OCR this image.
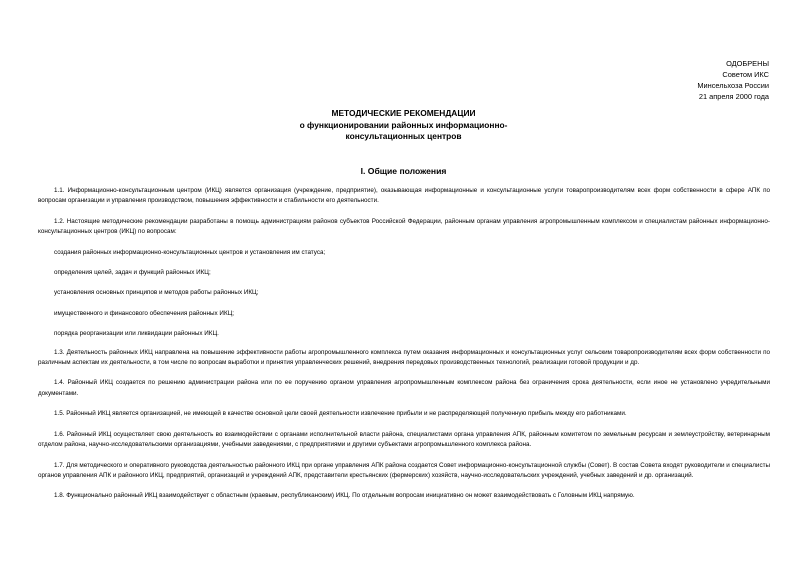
ОДОБРЕНЫ
Советом ИКС
Минсельхоза России
21 апреля 2000 года
МЕТОДИЧЕСКИЕ РЕКОМЕНДАЦИИ
о функционировании районных информационно-
консультационных центров
I. Общие положения

1.1. Информационно-консультационным центром (ИКЦ) является организация (учреждение, предприятие), оказывающая информационные и консультационные услуги товаропроизводителям всех форм собственности в сфере АПК по вопросам организации и управления производством, повышения эффективности и стабильности его деятельности.

1.2. Настоящие методические рекомендации разработаны в помощь администрациям районов субъектов Российской Федерации, районным органам управления агропромышленным комплексом и специалистам районных информационно-консультационных центров (ИКЦ) по вопросам:

создания районных информационно-консультационных центров и установления им статуса;

определения целей, задач и функций районных ИКЦ;

установления основных принципов и методов работы районных ИКЦ;

имущественного и финансового обеспечения районных ИКЦ;

порядка реорганизации или ликвидации районных ИКЦ.

1.3. Деятельность районных ИКЦ направлена на повышение эффективности работы агропромышленного комплекса путем оказания информационных и консультационных услуг сельским товаропроизводителям всех форм собственности по различным аспектам их деятельности, в том числе по вопросам выработки и принятия управленческих решений, внедрения передовых производственных технологий, реализации готовой продукции и др.

1.4. Районный ИКЦ создается по решению администрации района или по ее поручению органом управления агропромышленным комплексом района без ограничения срока деятельности, если иное не установлено учредительными документами.

1.5. Районный ИКЦ является организацией, не имеющей в качестве основной цели своей деятельности извлечение прибыли и не распределяющей полученную прибыль между его работниками.

1.6. Районный ИКЦ осуществляет свою деятельность во взаимодействии с органами исполнительной власти района, специалистами органа управления АПК, районным комитетом по земельным ресурсам и землеустройству, ветеринарным отделом района, научно-исследовательскими организациями, учебными заведениями, с предприятиями и другими субъектами агропромышленного комплекса района.

1.7. Для методического и оперативного руководства деятельностью районного ИКЦ при органе управления АПК района создается Совет информационно-консультационной службы (Совет). В состав Совета входят руководители и специалисты органов управления АПК и районного ИКЦ, предприятий, организаций и учреждений АПК, представители крестьянских (фермерских) хозяйств, научно-исследовательских учреждений, учебных заведений и др. организаций.

1.8. Функционально районный ИКЦ взаимодействует с областным (краевым, республиканским) ИКЦ. По отдельным вопросам инициативно он может взаимодействовать с Головным ИКЦ напрямую.
